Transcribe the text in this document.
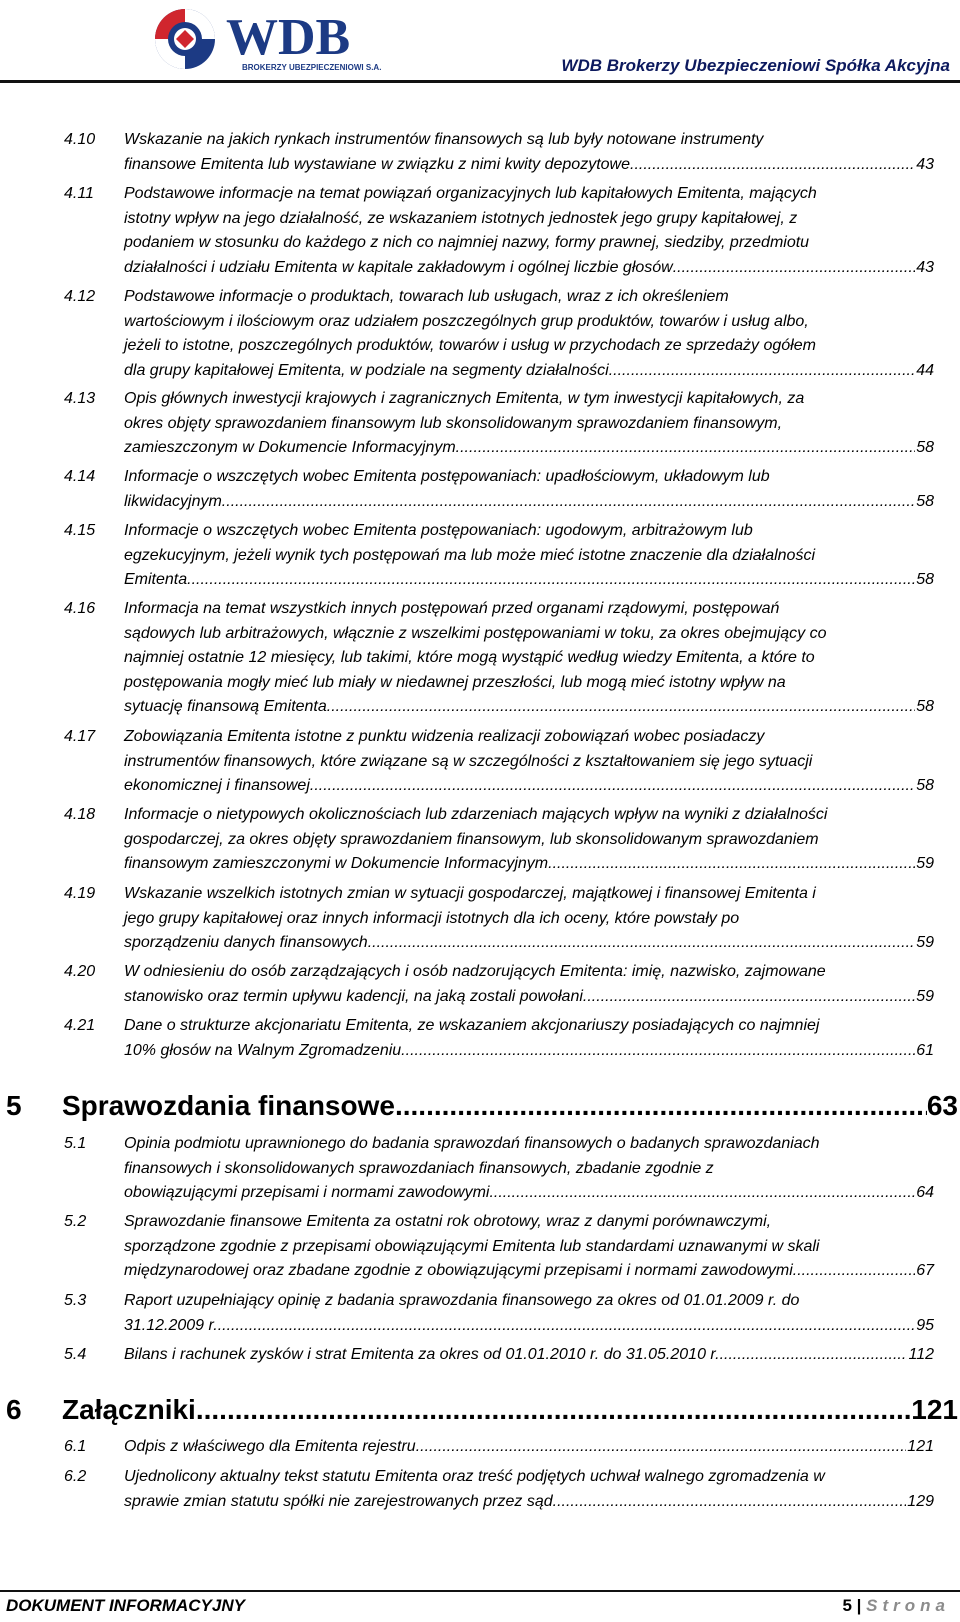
WDB
BROKERZY UBEZPIECZENIOWI S.A.	WDB Brokerzy Ubezpieczeniowi Spółka Akcyjna
4.10	Wskazanie na jakich rynkach instrumentów finansowych są lub były notowane instrumenty
finansowe Emitenta lub wystawiane w związku z nimi kwity depozytowe .....	43
4.11	Podstawowe informacje na temat powiązań organizacyjnych lub kapitałowych Emitenta, mających
istotny wpływ na jego działalność, ze wskazaniem istotnych jednostek jego grupy kapitałowej, z
podaniem w stosunku do każdego z nich co najmniej nazwy, formy prawnej, siedziby, przedmiotu
działalności i udziału Emitenta w kapitale zakładowym i ogólnej liczbie głosów .....	43
4.12	Podstawowe informacje o produktach, towarach lub usługach, wraz z ich określeniem
wartościowym i ilościowym oraz udziałem poszczególnych grup produktów, towarów i usług albo,
jeżeli to istotne, poszczególnych produktów, towarów i usług w przychodach ze sprzedaży ogółem
dla grupy kapitałowej Emitenta, w podziale na segmenty działalności .....	44
4.13	Opis głównych inwestycji krajowych i zagranicznych Emitenta, w tym inwestycji kapitałowych, za
okres objęty sprawozdaniem finansowym lub skonsolidowanym sprawozdaniem finansowym,
zamieszczonym w Dokumencie Informacyjnym .....	58
4.14	Informacje o wszczętych wobec Emitenta postępowaniach: upadłościowym, układowym lub
likwidacyjnym .....	58
4.15	Informacje o wszczętych wobec Emitenta postępowaniach: ugodowym, arbitrażowym lub
egzekucyjnym, jeżeli wynik tych postępowań ma lub może mieć istotne znaczenie dla działalności
Emitenta .....	58
4.16	Informacja na temat wszystkich innych postępowań przed organami rządowymi, postępowań
sądowych lub arbitrażowych, włącznie z wszelkimi postępowaniami w toku, za okres obejmujący co
najmniej ostatnie 12 miesięcy, lub takimi, które mogą wystąpić według wiedzy Emitenta, a które to
postępowania mogły mieć lub miały w niedawnej przeszłości, lub mogą mieć istotny wpływ na
sytuację finansową Emitenta .....	58
4.17	Zobowiązania Emitenta istotne z punktu widzenia realizacji zobowiązań wobec posiadaczy
instrumentów finansowych, które związane są w szczególności z kształtowaniem się jego sytuacji
ekonomicznej i finansowej .....	58
4.18	Informacje o nietypowych okolicznościach lub zdarzeniach mających wpływ na wyniki z działalności
gospodarczej, za okres objęty sprawozdaniem finansowym, lub skonsolidowanym sprawozdaniem
finansowym zamieszczonymi w Dokumencie Informacyjnym .....	59
4.19	Wskazanie wszelkich istotnych zmian w sytuacji gospodarczej, majątkowej i finansowej Emitenta i
jego grupy kapitałowej oraz innych informacji istotnych dla ich oceny, które powstały po
sporządzeniu danych finansowych .....	59
4.20	W odniesieniu do osób zarządzających i osób nadzorujących Emitenta: imię, nazwisko, zajmowane
stanowisko oraz termin upływu kadencji, na jaką zostali powołani .....	59
4.21	Dane o strukturze akcjonariatu Emitenta, ze wskazaniem akcjonariuszy posiadających co najmniej
10% głosów na Walnym Zgromadzeniu .....	61
5 Sprawozdania finansowe .....	63
5.1	Opinia podmiotu uprawnionego do badania sprawozdań finansowych o badanych sprawozdaniach
finansowych i skonsolidowanych sprawozdaniach finansowych, zbadanie zgodnie z
obowiązującymi przepisami i normami zawodowymi .....	64
5.2	Sprawozdanie finansowe Emitenta za ostatni rok obrotowy, wraz z danymi porównawczymi,
sporządzone zgodnie z przepisami obowiązującymi Emitenta lub standardami uznawanymi w skali
międzynarodowej oraz zbadane zgodnie z obowiązującymi przepisami i normami zawodowymi .....	67
5.3	Raport uzupełniający opinię z badania sprawozdania finansowego za okres od 01.01.2009 r. do
31.12.2009 r. .....	95
5.4	Bilans i rachunek zysków i strat Emitenta za okres od 01.01.2010 r. do 31.05.2010 r. .....	112
6 Załączniki .....	121
6.1	Odpis z właściwego dla Emitenta rejestru .....	121
6.2	Ujednolicony aktualny tekst statutu Emitenta oraz treść podjętych uchwał walnego zgromadzenia w
sprawie zmian statutu spółki nie zarejestrowanych przez sąd .....	129
DOKUMENT INFORMACYJNY	5 | Strona
